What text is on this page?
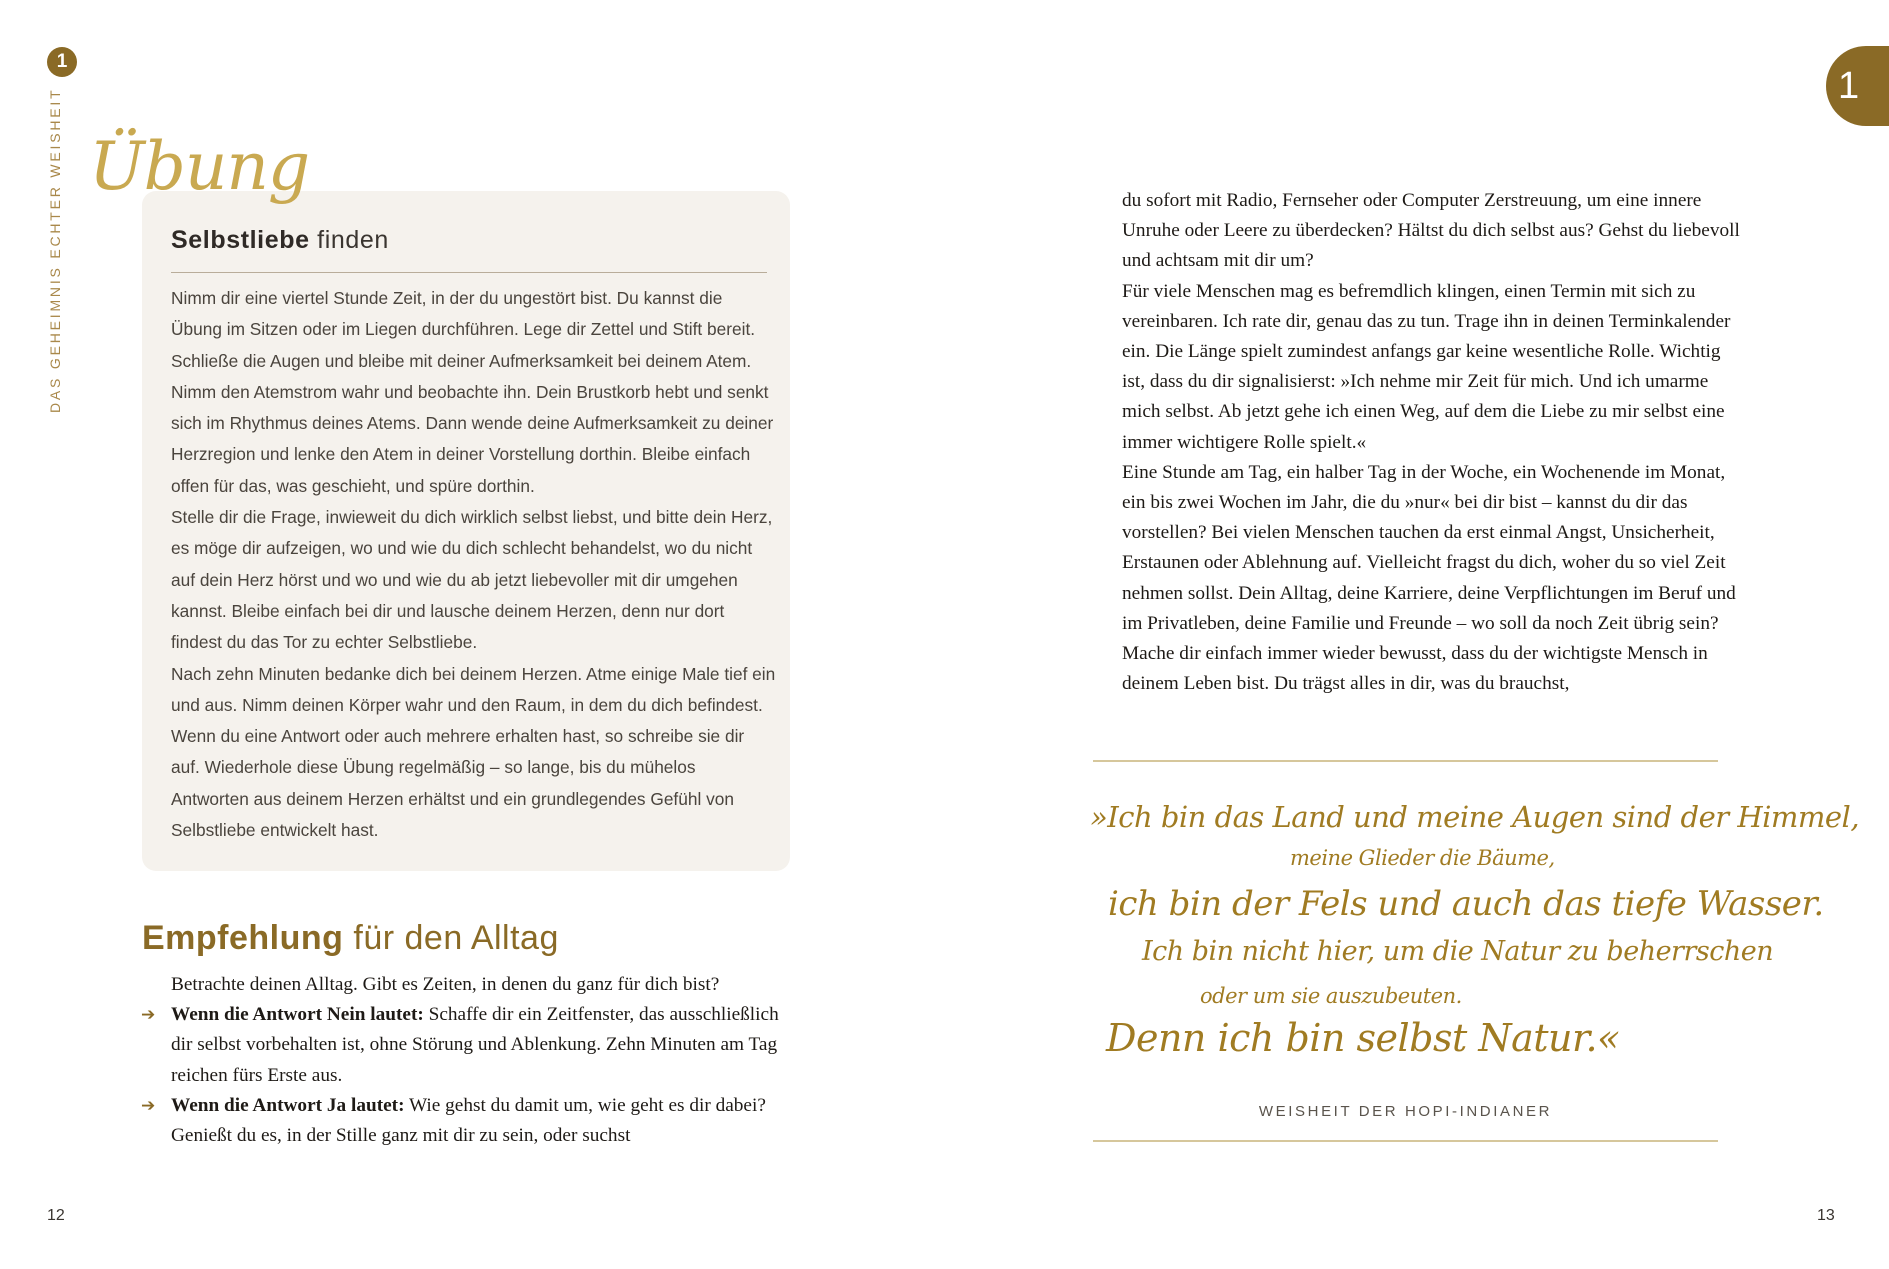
1
DAS GEHEIMNIS ECHTER WEISHEIT Übung
Selbstliebe finden

Nimm dir eine viertel Stunde Zeit, in der du ungestört bist. Du kannst die Übung im Sitzen oder im Liegen durchführen. Lege dir Zettel und Stift bereit. Schließe die Augen und bleibe mit deiner Aufmerksamkeit bei deinem Atem. Nimm den Atemstrom wahr und beobachte ihn. Dein Brustkorb hebt und senkt sich im Rhythmus deines Atems. Dann wende deine Aufmerksamkeit zu deiner Herzregion und lenke den Atem in deiner Vorstellung dorthin. Bleibe einfach offen für das, was geschieht, und spüre dorthin.

Stelle dir die Frage, inwieweit du dich wirklich selbst liebst, und bitte dein Herz, es möge dir aufzeigen, wo und wie du dich schlecht behandelst, wo du nicht auf dein Herz hörst und wo und wie du ab jetzt liebevoller mit dir umgehen kannst. Bleibe einfach bei dir und lausche deinem Herzen, denn nur dort findest du das Tor zu echter Selbstliebe.

Nach zehn Minuten bedanke dich bei deinem Herzen. Atme einige Male tief ein und aus. Nimm deinen Körper wahr und den Raum, in dem du dich befindest. Wenn du eine Antwort oder auch mehrere erhalten hast, so schreibe sie dir auf. Wiederhole diese Übung regelmäßig – so lange, bis du mühelos Antworten aus deinem Herzen erhältst und ein grundlegendes Gefühl von Selbstliebe entwickelt hast.

Empfehlung für den Alltag

Betrachte deinen Alltag. Gibt es Zeiten, in denen du ganz für dich bist?

➔ Wenn die Antwort Nein lautet: Schaffe dir ein Zeitfenster, das ausschließlich dir selbst vorbehalten ist, ohne Störung und Ablenkung. Zehn Minuten am Tag reichen fürs Erste aus.

➔ Wenn die Antwort Ja lautet: Wie gehst du damit um, wie geht es dir dabei? Genießt du es, in der Stille ganz mit dir zu sein, oder suchst

12
1

du sofort mit Radio, Fernseher oder Computer Zerstreuung, um eine innere Unruhe oder Leere zu überdecken? Hältst du dich selbst aus? Gehst du liebevoll und achtsam mit dir um?

Für viele Menschen mag es befremdlich klingen, einen Termin mit sich zu vereinbaren. Ich rate dir, genau das zu tun. Trage ihn in deinen Terminkalender ein. Die Länge spielt zumindest anfangs gar keine wesentliche Rolle. Wichtig ist, dass du dir signalisierst: »Ich nehme mir Zeit für mich. Und ich umarme mich selbst. Ab jetzt gehe ich einen Weg, auf dem die Liebe zu mir selbst eine immer wichtigere Rolle spielt.«

Eine Stunde am Tag, ein halber Tag in der Woche, ein Wochenende im Monat, ein bis zwei Wochen im Jahr, die du »nur« bei dir bist – kannst du dir das vorstellen? Bei vielen Menschen tauchen da erst einmal Angst, Unsicherheit, Erstaunen oder Ablehnung auf. Vielleicht fragst du dich, woher du so viel Zeit nehmen sollst. Dein Alltag, deine Karriere, deine Verpflichtungen im Beruf und im Privatleben, deine Familie und Freunde – wo soll da noch Zeit übrig sein?

Mache dir einfach immer wieder bewusst, dass du der wichtigste Mensch in deinem Leben bist. Du trägst alles in dir, was du brauchst,

»Ich bin das Land und meine Augen sind der Himmel,
meine Glieder die Bäume,
ich bin der Fels und auch das tiefe Wasser.
Ich bin nicht hier, um die Natur zu beherrschen
oder um sie auszubeuten.
Denn ich bin selbst Natur.«
WEISHEIT DER HOPI-INDIANER
13
